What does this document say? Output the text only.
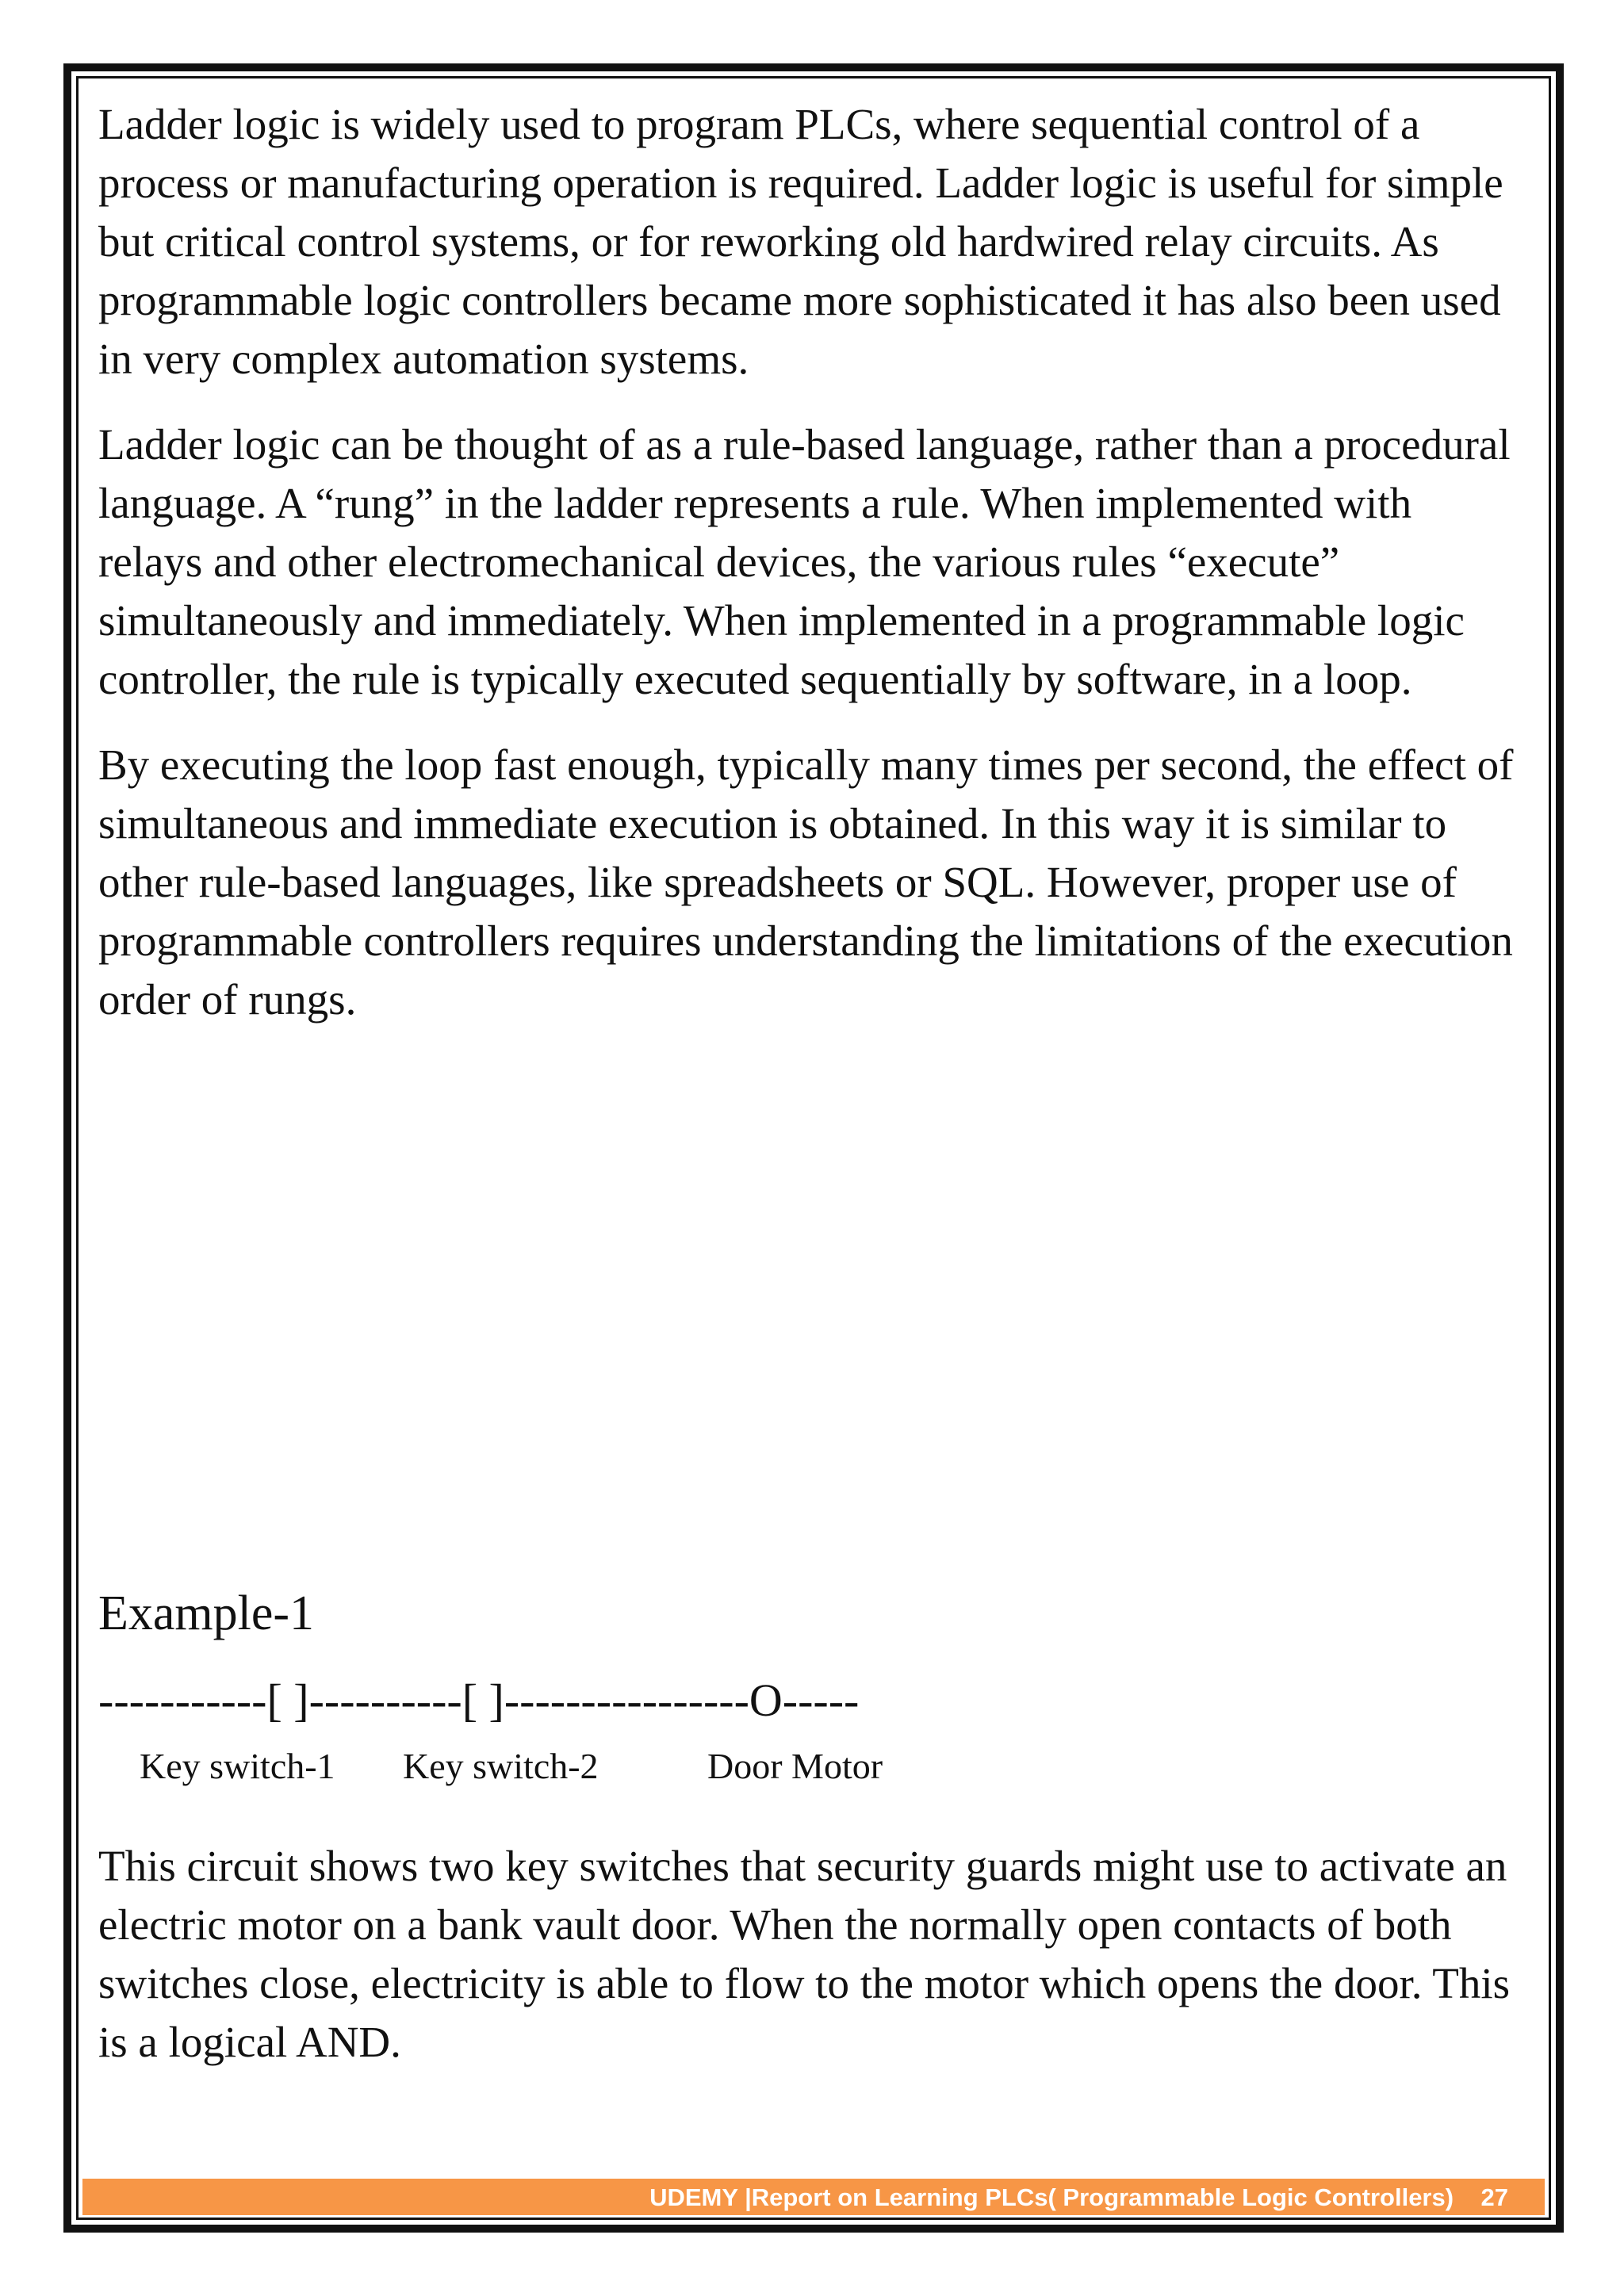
Ladder logic is widely used to program PLCs, where sequential control of a process or manufacturing operation is required. Ladder logic is useful for simple but critical control systems, or for reworking old hardwired relay circuits. As programmable logic controllers became more sophisticated it has also been used in very complex automation systems.

Ladder logic can be thought of as a rule-based language, rather than a procedural language. A “rung” in the ladder represents a rule. When implemented with relays and other electromechanical devices, the various rules “execute” simultaneously and immediately. When implemented in a programmable logic controller, the rule is typically executed sequentially by software, in a loop.

By executing the loop fast enough, typically many times per second, the effect of simultaneous and immediate execution is obtained. In this way it is similar to other rule-based languages, like spreadsheets or SQL. However, proper use of programmable controllers requires understanding the limitations of the execution order of rungs.

Example-1
-----------[ ]----------[ ]----------------O-----
Key switch-1 Key switch-2	Door Motor

This circuit shows two key switches that security guards might use to activate an electric motor on a bank vault door. When the normally open contacts of both switches close, electricity is able to flow to the motor which opens the door. This is a logical AND.

UDEMY |Report on Learning PLCs( Programmable Logic Controllers) 27
